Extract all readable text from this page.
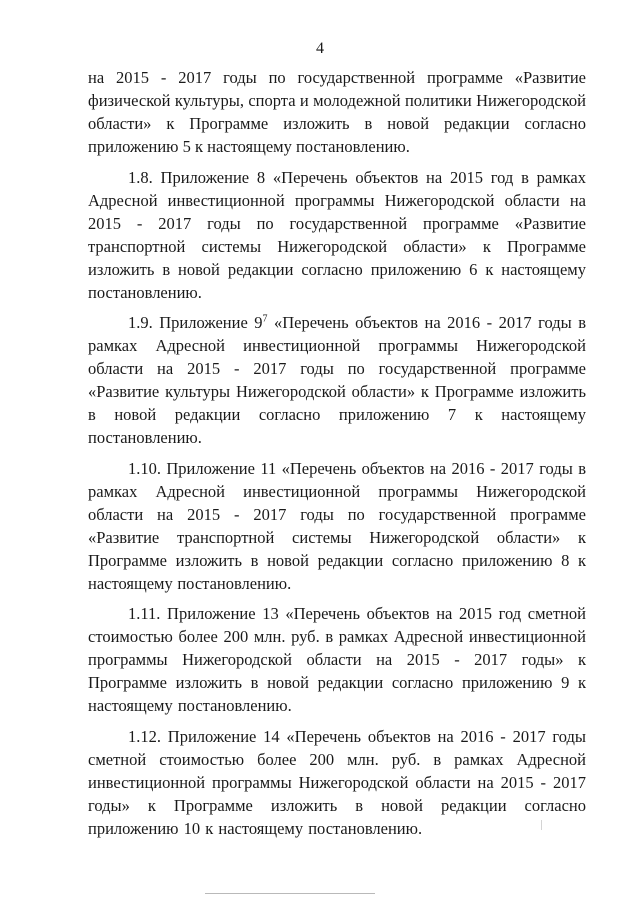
4

на 2015 - 2017 годы по государственной программе «Развитие физической культуры, спорта и молодежной политики Нижегородской области» к Программе изложить в новой редакции согласно приложению 5 к настоящему постановлению.

1.8. Приложение 8 «Перечень объектов на 2015 год в рамках Адресной инвестиционной программы Нижегородской области на 2015 - 2017 годы по государственной программе «Развитие транспортной системы Нижегородской области» к Программе изложить в новой редакции согласно приложению 6 к настоящему постановлению.

1.9. Приложение $9^7$ «Перечень объектов на 2016 - 2017 годы в рамках Адресной инвестиционной программы Нижегородской области на 2015 - 2017 годы по государственной программе «Развитие культуры Нижегородской области» к Программе изложить в новой редакции согласно приложению 7 к настоящему постановлению.

1.10. Приложение 11 «Перечень объектов на 2016 - 2017 годы в рамках Адресной инвестиционной программы Нижегородской области на 2015 - 2017 годы по государственной программе «Развитие транспортной системы Нижегородской области» к Программе изложить в новой редакции согласно приложению 8 к настоящему постановлению.

1.11. Приложение 13 «Перечень объектов на 2015 год сметной стоимостью более 200 млн. руб. в рамках Адресной инвестиционной программы Нижегородской области на 2015 - 2017 годы» к Программе изложить в новой редакции согласно приложению 9 к настоящему постановлению.

1.12. Приложение 14 «Перечень объектов на 2016 - 2017 годы сметной стоимостью более 200 млн. руб. в рамках Адресной инвестиционной программы Нижегородской области на 2015 - 2017 годы» к Программе изложить в новой редакции согласно приложению 10 к настоящему постановлению.
